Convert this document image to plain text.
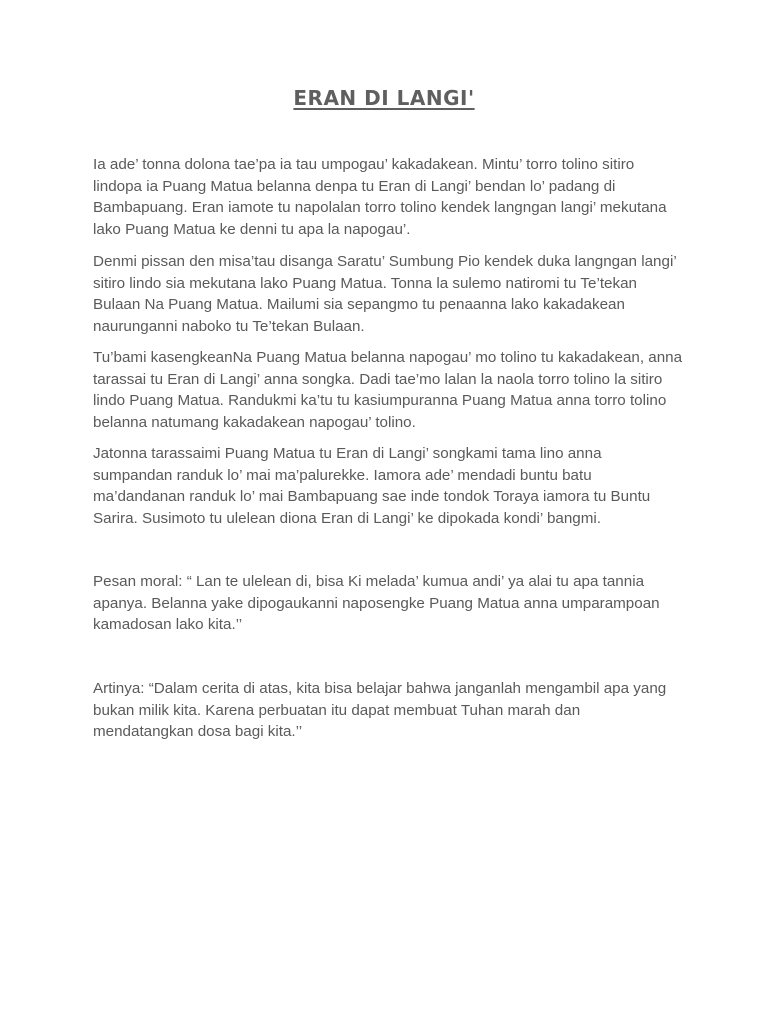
ERAN DI LANGI'

Ia ade’ tonna dolona tae’pa ia tau umpogau’ kakadakean. Mintu’ torro tolino sitiro lindopa ia Puang Matua belanna denpa tu Eran di Langi’ bendan lo’ padang di Bambapuang. Eran iamote tu napolalan torro tolino kendek langngan langi’ mekutana lako Puang Matua ke denni tu apa la napogau’.

Denmi pissan den misa’tau disanga Saratu’ Sumbung Pio kendek duka langngan langi’ sitiro lindo sia mekutana lako Puang Matua. Tonna la sulemo natiromi tu Te’tekan Bulaan Na Puang Matua. Mailumi sia sepangmo tu penaanna lako kakadakean naurunganni naboko tu Te’tekan Bulaan.

Tu’bami kasengkeanNa Puang Matua belanna napogau’ mo tolino tu kakadakean, anna tarassai tu Eran di Langi’ anna songka. Dadi tae’mo lalan la naola torro tolino la sitiro lindo Puang Matua. Randukmi ka’tu tu kasiumpuranna Puang Matua anna torro tolino belanna natumang kakadakean napogau’ tolino.

Jatonna tarassaimi Puang Matua tu Eran di Langi’ songkami tama lino anna sumpandan randuk lo’ mai ma’palurekke. Iamora ade’ mendadi buntu batu ma’dandanan randuk lo’ mai Bambapuang sae inde tondok Toraya iamora tu Buntu Sarira. Susimoto tu ulelean diona Eran di Langi’ ke dipokada kondi’ bangmi.

Pesan moral: “ Lan te ulelean di, bisa Ki melada’ kumua andi’ ya alai tu apa tannia apanya. Belanna yake dipogaukanni naposengke Puang Matua anna umparampoan kamadosan lako kita.’’

Artinya: “Dalam cerita di atas, kita bisa belajar bahwa janganlah mengambil apa yang bukan milik kita. Karena perbuatan itu dapat membuat Tuhan marah dan mendatangkan dosa bagi kita.’’
